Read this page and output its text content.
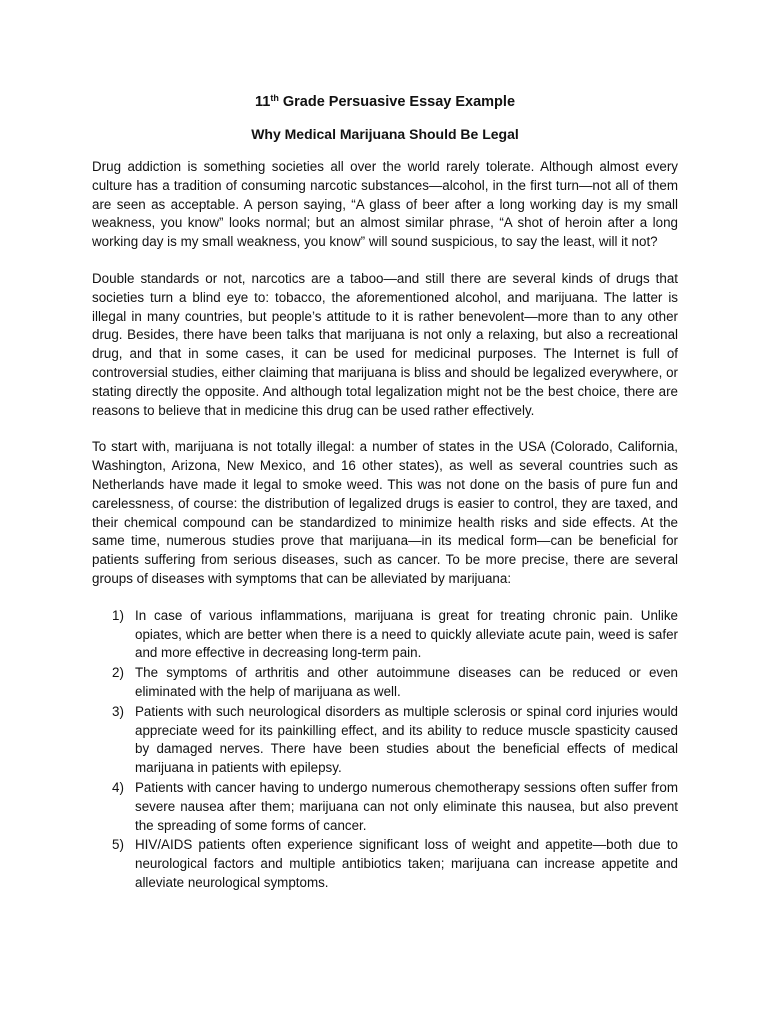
11th Grade Persuasive Essay Example
Why Medical Marijuana Should Be Legal

Drug addiction is something societies all over the world rarely tolerate. Although almost every culture has a tradition of consuming narcotic substances—alcohol, in the first turn—not all of them are seen as acceptable. A person saying, “A glass of beer after a long working day is my small weakness, you know” looks normal; but an almost similar phrase, “A shot of heroin after a long working day is my small weakness, you know” will sound suspicious, to say the least, will it not?

Double standards or not, narcotics are a taboo—and still there are several kinds of drugs that societies turn a blind eye to: tobacco, the aforementioned alcohol, and marijuana. The latter is illegal in many countries, but people’s attitude to it is rather benevolent—more than to any other drug. Besides, there have been talks that marijuana is not only a relaxing, but also a recreational drug, and that in some cases, it can be used for medicinal purposes. The Internet is full of controversial studies, either claiming that marijuana is bliss and should be legalized everywhere, or stating directly the opposite. And although total legalization might not be the best choice, there are reasons to believe that in medicine this drug can be used rather effectively.

To start with, marijuana is not totally illegal: a number of states in the USA (Colorado, California, Washington, Arizona, New Mexico, and 16 other states), as well as several countries such as Netherlands have made it legal to smoke weed. This was not done on the basis of pure fun and carelessness, of course: the distribution of legalized drugs is easier to control, they are taxed, and their chemical compound can be standardized to minimize health risks and side effects. At the same time, numerous studies prove that marijuana—in its medical form—can be beneficial for patients suffering from serious diseases, such as cancer. To be more precise, there are several groups of diseases with symptoms that can be alleviated by marijuana:

1) In case of various inflammations, marijuana is great for treating chronic pain. Unlike opiates, which are better when there is a need to quickly alleviate acute pain, weed is safer and more effective in decreasing long-term pain.
2) The symptoms of arthritis and other autoimmune diseases can be reduced or even eliminated with the help of marijuana as well.
3) Patients with such neurological disorders as multiple sclerosis or spinal cord injuries would appreciate weed for its painkilling effect, and its ability to reduce muscle spasticity caused by damaged nerves. There have been studies about the beneficial effects of medical marijuana in patients with epilepsy.
4) Patients with cancer having to undergo numerous chemotherapy sessions often suffer from severe nausea after them; marijuana can not only eliminate this nausea, but also prevent the spreading of some forms of cancer.
5) HIV/AIDS patients often experience significant loss of weight and appetite—both due to neurological factors and multiple antibiotics taken; marijuana can increase appetite and alleviate neurological symptoms.
